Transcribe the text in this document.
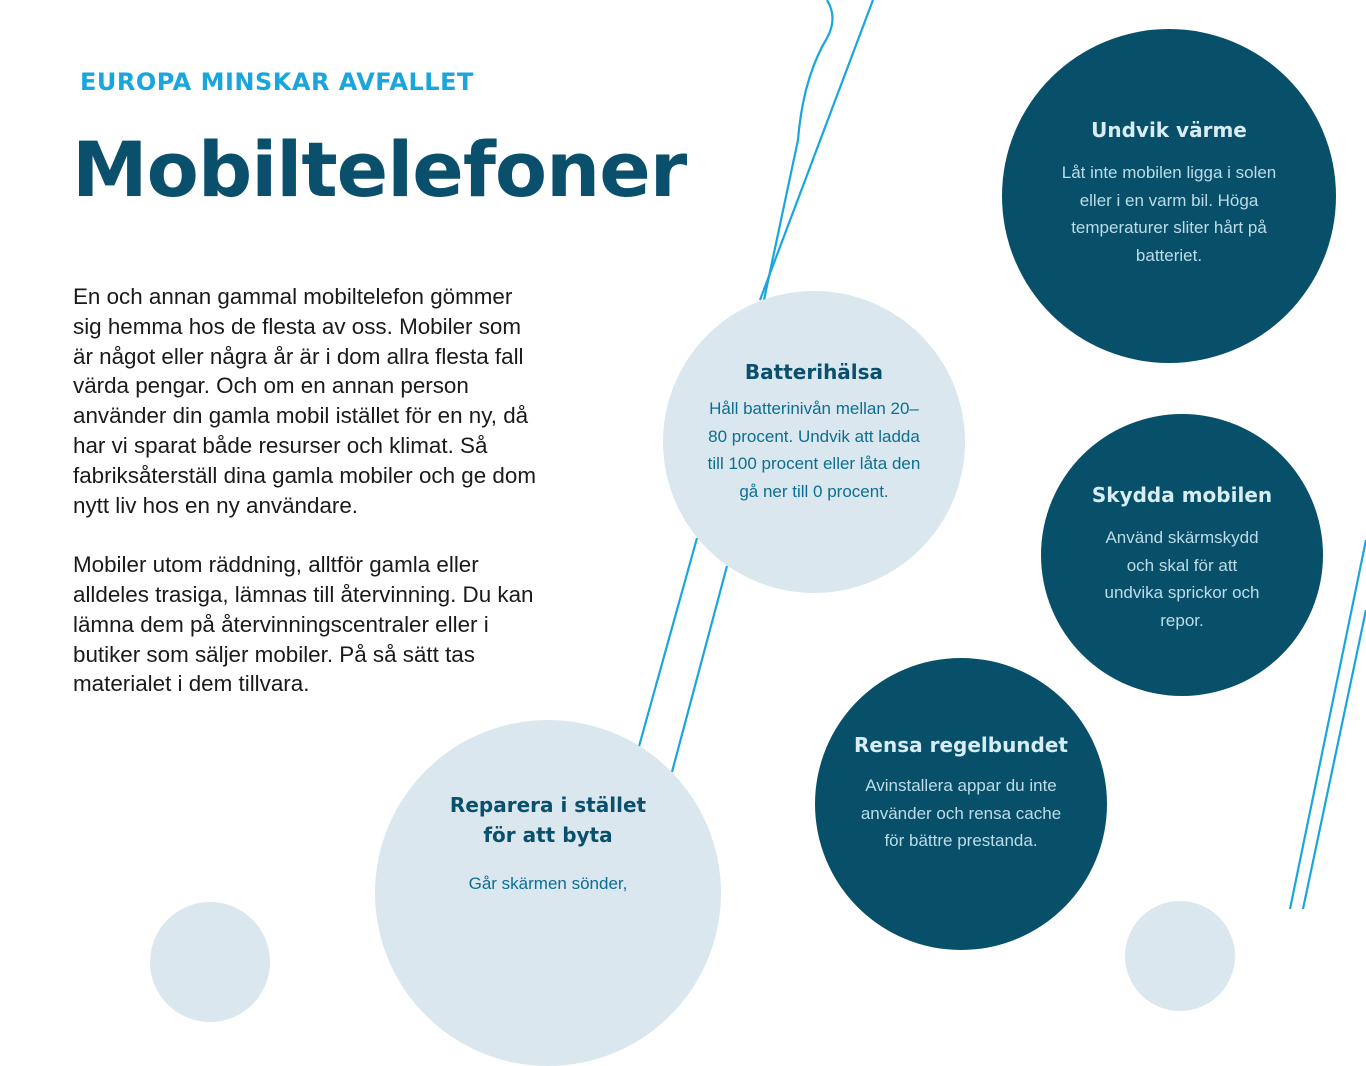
EUROPA MINSKAR AVFALLET
Mobiltelefoner

En och annan gammal mobiltelefon gömmer sig hemma hos de flesta av oss. Mobiler som är något eller några år är i dom allra flesta fall värda pengar. Och om en annan person använder din gamla mobil istället för en ny, då har vi sparat både resurser och klimat. Så fabriksåterställ dina gamla mobiler och ge dom nytt liv hos en ny användare.

Mobiler utom räddning, alltför gamla eller alldeles trasiga, lämnas till återvinning. Du kan lämna dem på återvinningscentraler eller i butiker som säljer mobiler. På så sätt tas materialet i dem tillvara.

Undvik värme

Låt inte mobilen ligga i solen eller i en varm bil. Höga temperaturer sliter hårt på batteriet.

Batterihälsa

Håll batterinivån mellan 20–80 procent. Undvik att ladda till 100 procent eller låta den gå ner till 0 procent.	Skydda mobilen

Använd skärmskydd och skal för att undvika sprickor och repor.

Rensa regelbundet

Avinstallera appar du inte använder och rensa cache för bättre prestanda.

Reparera i stället för att byta

Går skärmen sönder,
